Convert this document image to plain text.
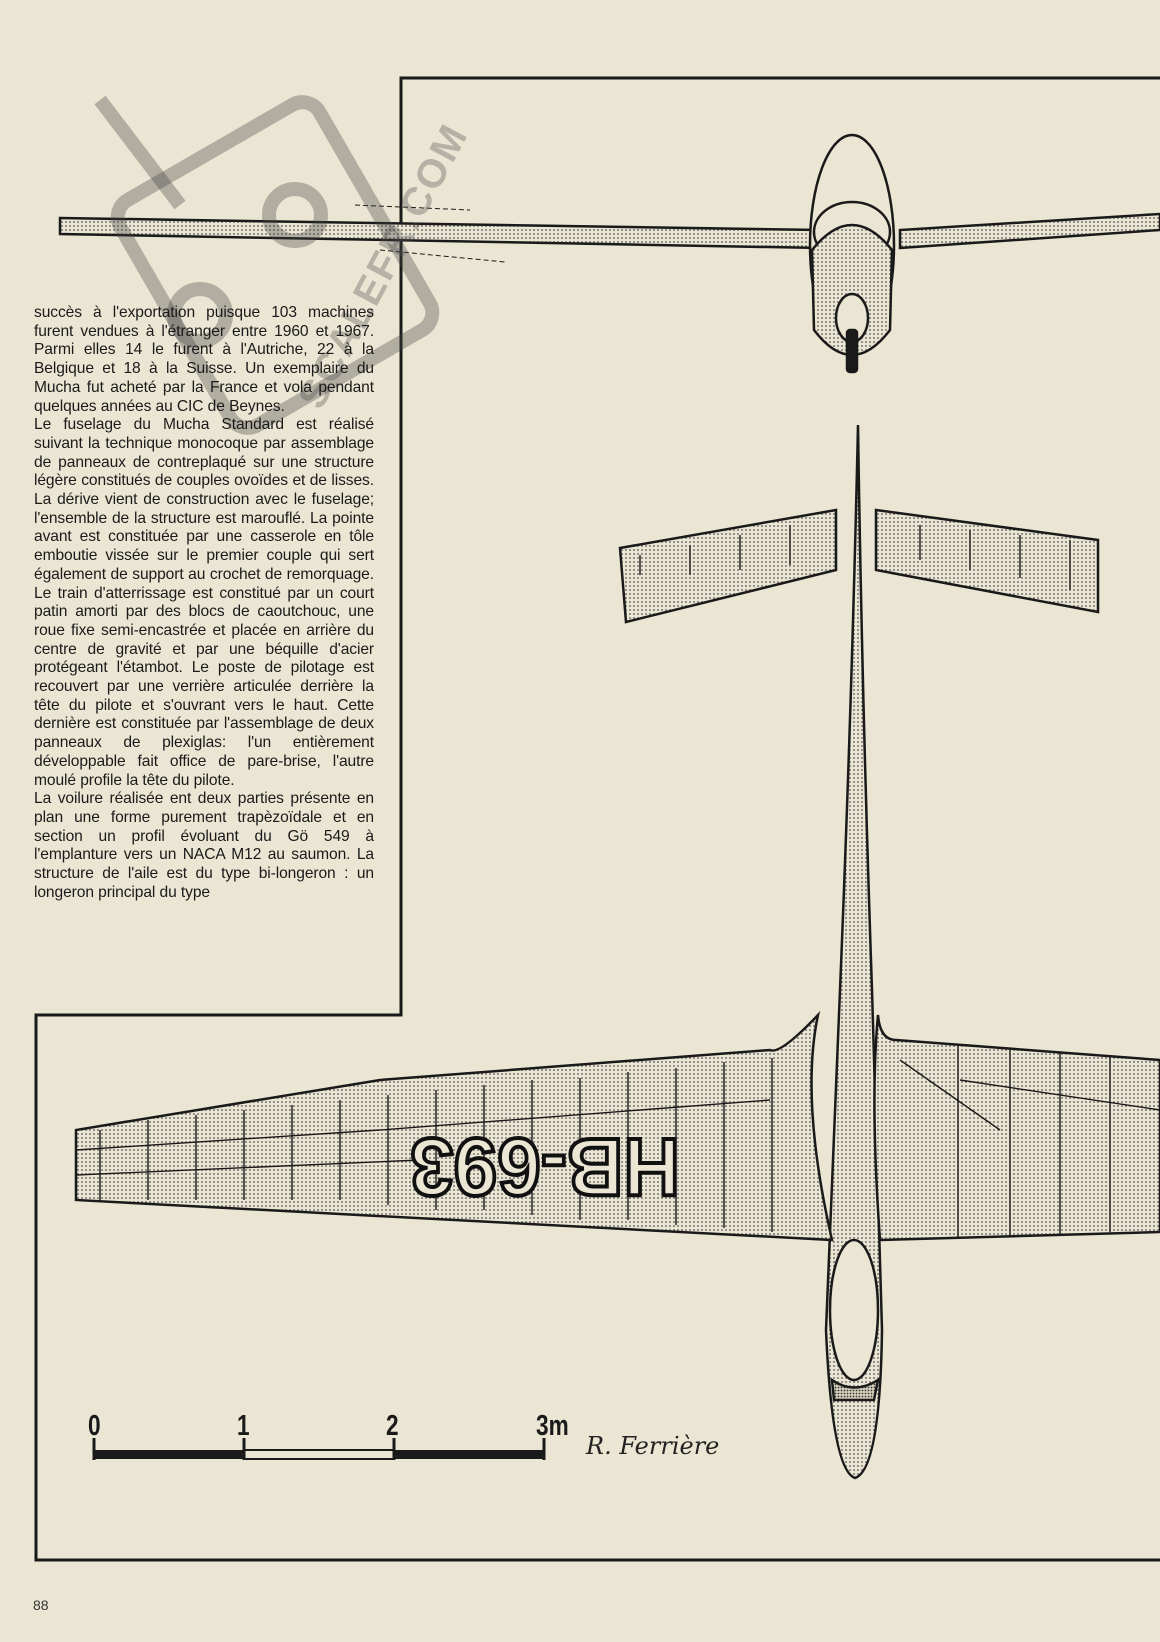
HB-693
SCALEFR.COM

succès à l'exportation puisque 103 machines furent vendues à l'étranger entre 1960 et 1967. Parmi elles 14 le furent à l'Autriche, 22 à la Belgique et 18 à la Suisse. Un exemplaire du Mucha fut acheté par la France et vola pendant quelques années au CIC de Beynes.

Le fuselage du Mucha Standard est réalisé suivant la technique monocoque par assemblage de panneaux de contreplaqué sur une structure légère constitués de couples ovoïdes et de lisses. La dérive vient de construction avec le fuselage; l'ensemble de la structure est marouflé. La pointe avant est constituée par une casserole en tôle emboutie vissée sur le premier couple qui sert également de support au crochet de remorquage. Le train d'atterrissage est constitué par un court patin amorti par des blocs de caoutchouc, une roue fixe semi-encastrée et placée en arrière du centre de gravité et par une béquille d'acier protégeant l'étambot. Le poste de pilotage est recouvert par une verrière articulée derrière la tête du pilote et s'ouvrant vers le haut. Cette dernière est constituée par l'assemblage de deux panneaux de plexiglas: l'un entièrement développable fait office de pare-brise, l'autre moulé profile la tête du pilote.

La voilure réalisée ent deux parties présente en plan une forme purement trapèzoïdale et en section un profil évoluant du Gö 549 à l'emplanture vers un NACA M12 au saumon. La structure de l'aile est du type bi-longeron : un longeron principal du type

0	1	2	3m
R. Ferrière
88
